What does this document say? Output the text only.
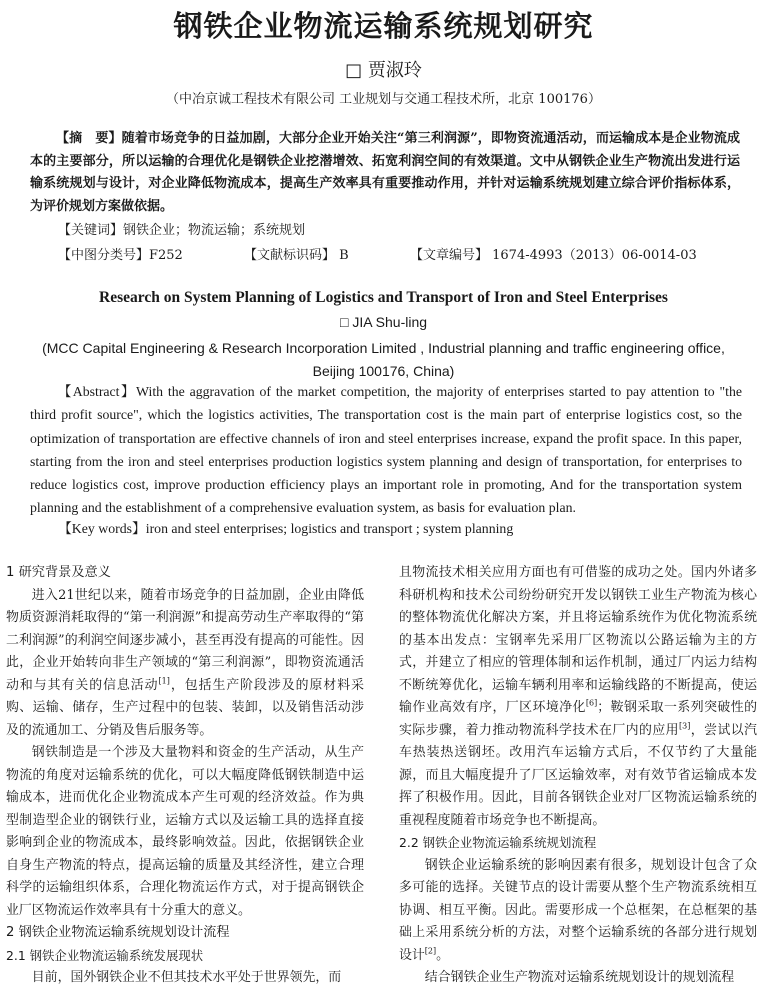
钢铁企业物流运输系统规划研究
□ 贾淑玲
（中冶京诚工程技术有限公司 工业规划与交通工程技术所，北京 100176）
【摘　要】随着市场竞争的日益加剧，大部分企业开始关注“第三利润源”，即物资流通活动，而运输成本是企业物流成本的主要部分，所以运输的合理优化是钢铁企业挖潜增效、拓宽利润空间的有效渠道。文中从钢铁企业生产物流出发进行运输系统规划与设计，对企业降低物流成本，提高生产效率具有重要推动作用，并针对运输系统规划建立综合评价指标体系，为评价规划方案做依据。
【关键词】钢铁企业；物流运输；系统规划
【中图分类号】F252	【文献标识码】 B	【文章编号】 1674-4993（2013）06-0014-03
Research on System Planning of Logistics and Transport of Iron and Steel Enterprises
□ JIA Shu-ling
(MCC Capital Engineering & Research Incorporation Limited , Industrial planning and traffic engineering office, Beijing 100176, China)
【Abstract】With the aggravation of the market competition, the majority of enterprises started to pay attention to "the third profit source", which the logistics activities, The transportation cost is the main part of enterprise logistics cost, so the optimization of transportation are effective channels of iron and steel enterprises increase, expand the profit space. In this paper, starting from the iron and steel enterprises production logistics system planning and design of transportation, for enterprises to reduce logistics cost, improve production efficiency plays an important role in promoting, And for the transportation system planning and the establishment of a comprehensive evaluation system, as basis for evaluation plan.
【Key words】iron and steel enterprises; logistics and transport ; system planning
1 研究背景及意义

进入21世纪以来，随着市场竞争的日益加剧，企业由降低物质资源消耗取得的“第一利润源”和提高劳动生产率取得的“第二利润源”的利润空间逐步减小，甚至再没有提高的可能性。因此，企业开始转向非生产领域的“第三利润源”，即物资流通活动和与其有关的信息活动[1]，包括生产阶段涉及的原材料采购、运输、储存，生产过程中的包装、装卸，以及销售活动涉及的流通加工、分销及售后服务等。

钢铁制造是一个涉及大量物料和资金的生产活动，从生产物流的角度对运输系统的优化，可以大幅度降低钢铁制造中运输成本，进而优化企业物流成本产生可观的经济效益。作为典型制造型企业的钢铁行业，运输方式以及运输工具的选择直接影响到企业的物流成本，最终影响效益。因此，依据钢铁企业自身生产物流的特点，提高运输的质量及其经济性，建立合理科学的运输组织体系，合理化物流运作方式，对于提高钢铁企业厂区物流运作效率具有十分重大的意义。

2 钢铁企业物流运输系统规划设计流程
2.1 钢铁企业物流运输系统发展现状

目前，国外钢铁企业不但其技术水平处于世界领先，而

且物流技术相关应用方面也有可借鉴的成功之处。国内外诸多科研机构和技术公司纷纷研究开发以钢铁工业生产物流为核心的整体物流优化解决方案，并且将运输系统作为优化物流系统的基本出发点：宝钢率先采用厂区物流以公路运输为主的方式，并建立了相应的管理体制和运作机制，通过厂内运力结构不断统筹优化，运输车辆利用率和运输线路的不断提高，使运输作业高效有序，厂区环境净化[6]；鞍钢采取一系列突破性的实际步骤，着力推动物流科学技术在厂内的应用[3]，尝试以汽车热装热送钢坯。改用汽车运输方式后，不仅节约了大量能源，而且大幅度提升了厂区运输效率，对有效节省运输成本发挥了积极作用。因此，目前各钢铁企业对厂区物流运输系统的重视程度随着市场竞争也不断提高。

2.2 钢铁企业物流运输系统规划流程

钢铁企业运输系统的影响因素有很多，规划设计包含了众多可能的选择。关键节点的设计需要从整个生产物流系统相互协调、相互平衡。因此。需要形成一个总框架，在总框架的基础上采用系统分析的方法，对整个运输系统的各部分进行规划设计[2]。

结合钢铁企业生产物流对运输系统规划设计的规划流程
